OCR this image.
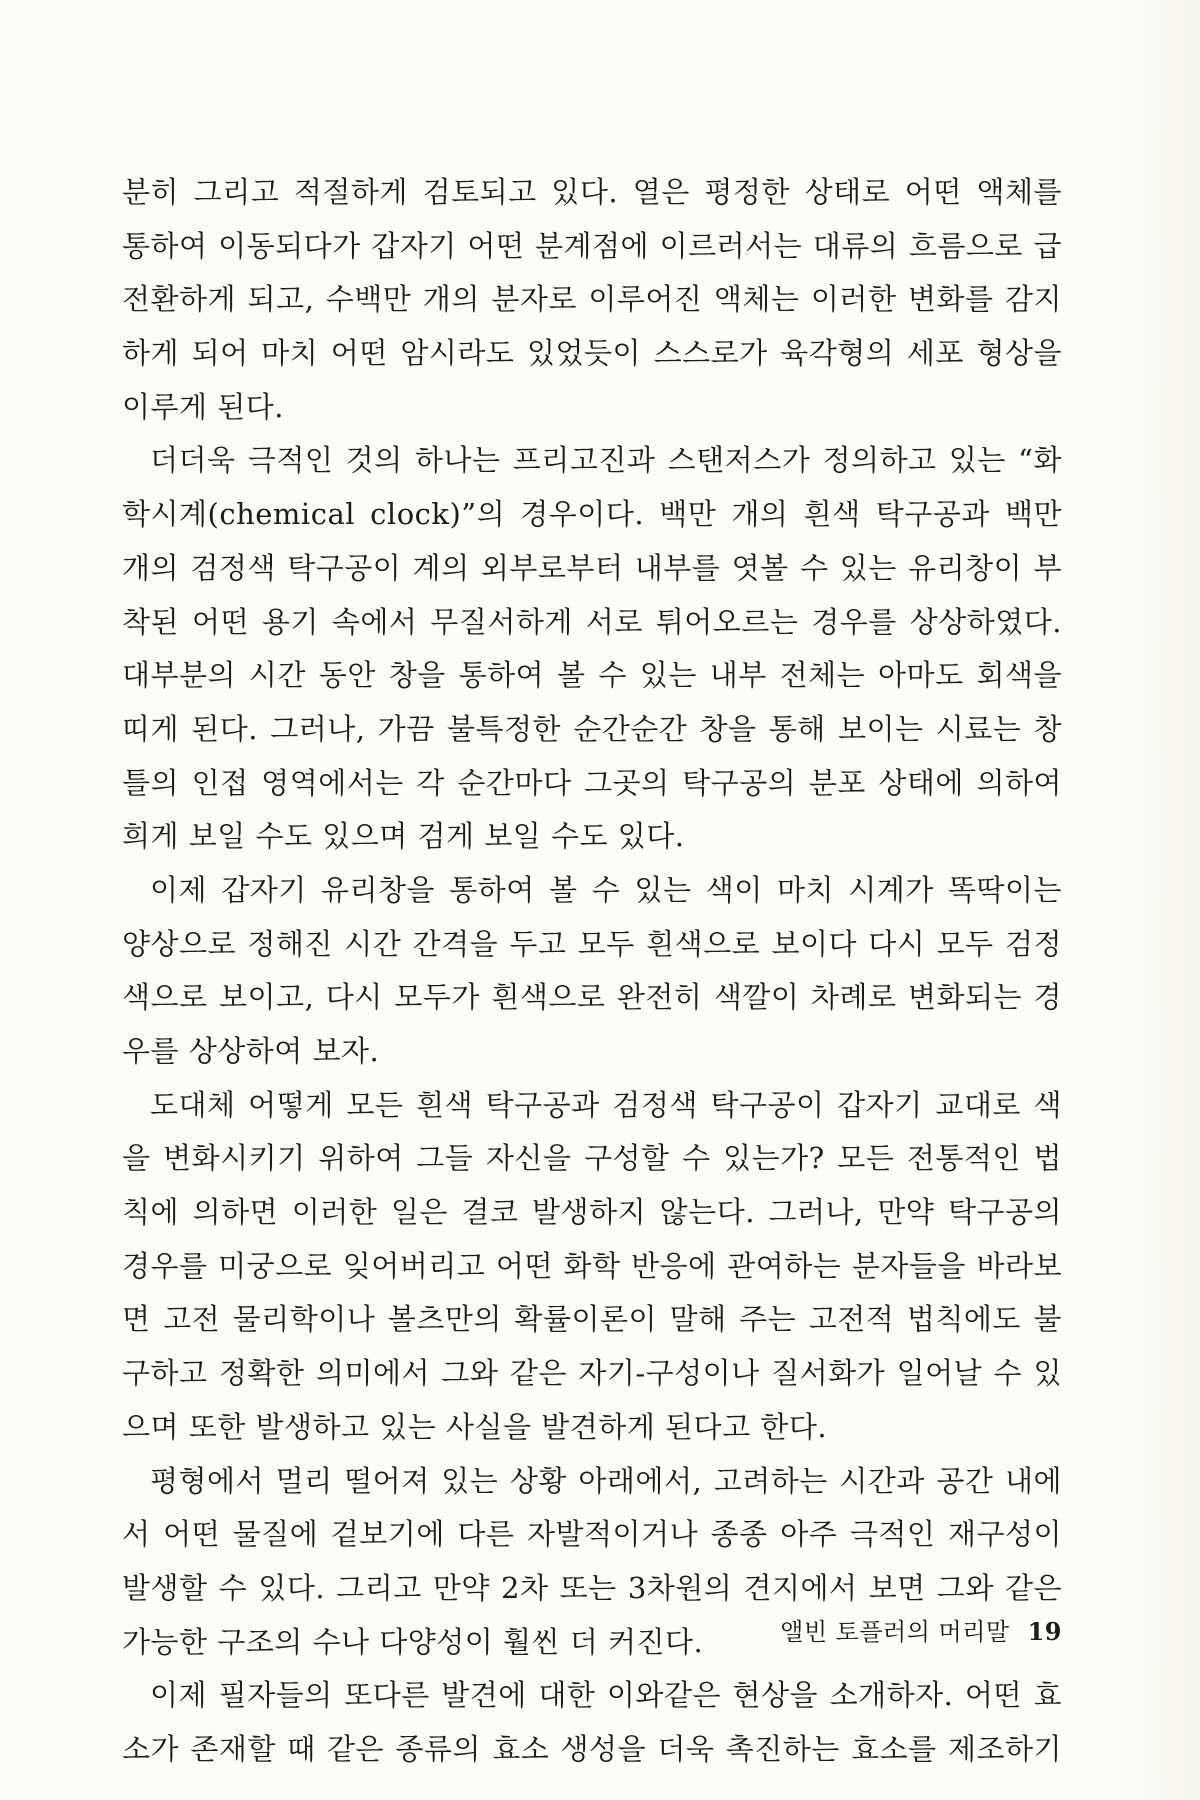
분히 그리고 적절하게 검토되고 있다. 열은 평정한 상태로 어떤 액체를
통하여 이동되다가 갑자기 어떤 분계점에 이르러서는 대류의 흐름으로 급
전환하게 되고, 수백만 개의 분자로 이루어진 액체는 이러한 변화를 감지
하게 되어 마치 어떤 암시라도 있었듯이 스스로가 육각형의 세포 형상을
이루게 된다.
더더욱 극적인 것의 하나는 프리고진과 스탠저스가 정의하고 있는 “화
학시계(chemical clock)”의 경우이다. 백만 개의 흰색 탁구공과 백만
개의 검정색 탁구공이 계의 외부로부터 내부를 엿볼 수 있는 유리창이 부
착된 어떤 용기 속에서 무질서하게 서로 튀어오르는 경우를 상상하였다.
대부분의 시간 동안 창을 통하여 볼 수 있는 내부 전체는 아마도 회색을
띠게 된다. 그러나, 가끔 불특정한 순간순간 창을 통해 보이는 시료는 창
틀의 인접 영역에서는 각 순간마다 그곳의 탁구공의 분포 상태에 의하여
희게 보일 수도 있으며 검게 보일 수도 있다.
이제 갑자기 유리창을 통하여 볼 수 있는 색이 마치 시계가 똑딱이는
양상으로 정해진 시간 간격을 두고 모두 흰색으로 보이다 다시 모두 검정
색으로 보이고, 다시 모두가 흰색으로 완전히 색깔이 차례로 변화되는 경
우를 상상하여 보자.
도대체 어떻게 모든 흰색 탁구공과 검정색 탁구공이 갑자기 교대로 색
을 변화시키기 위하여 그들 자신을 구성할 수 있는가? 모든 전통적인 법
칙에 의하면 이러한 일은 결코 발생하지 않는다. 그러나, 만약 탁구공의
경우를 미궁으로 잊어버리고 어떤 화학 반응에 관여하는 분자들을 바라보
면 고전 물리학이나 볼츠만의 확률이론이 말해 주는 고전적 법칙에도 불
구하고 정확한 의미에서 그와 같은 자기-구성이나 질서화가 일어날 수 있
으며 또한 발생하고 있는 사실을 발견하게 된다고 한다.
평형에서 멀리 떨어져 있는 상황 아래에서, 고려하는 시간과 공간 내에
서 어떤 물질에 겉보기에 다른 자발적이거나 종종 아주 극적인 재구성이
발생할 수 있다. 그리고 만약 2차 또는 3차원의 견지에서 보면 그와 같은
가능한 구조의 수나 다양성이 훨씬 더 커진다.
이제 필자들의 또다른 발견에 대한 이와같은 현상을 소개하자. 어떤 효
소가 존재할 때 같은 종류의 효소 생성을 더욱 촉진하는 효소를 제조하기
앨빈 토플러의 머리말 19
